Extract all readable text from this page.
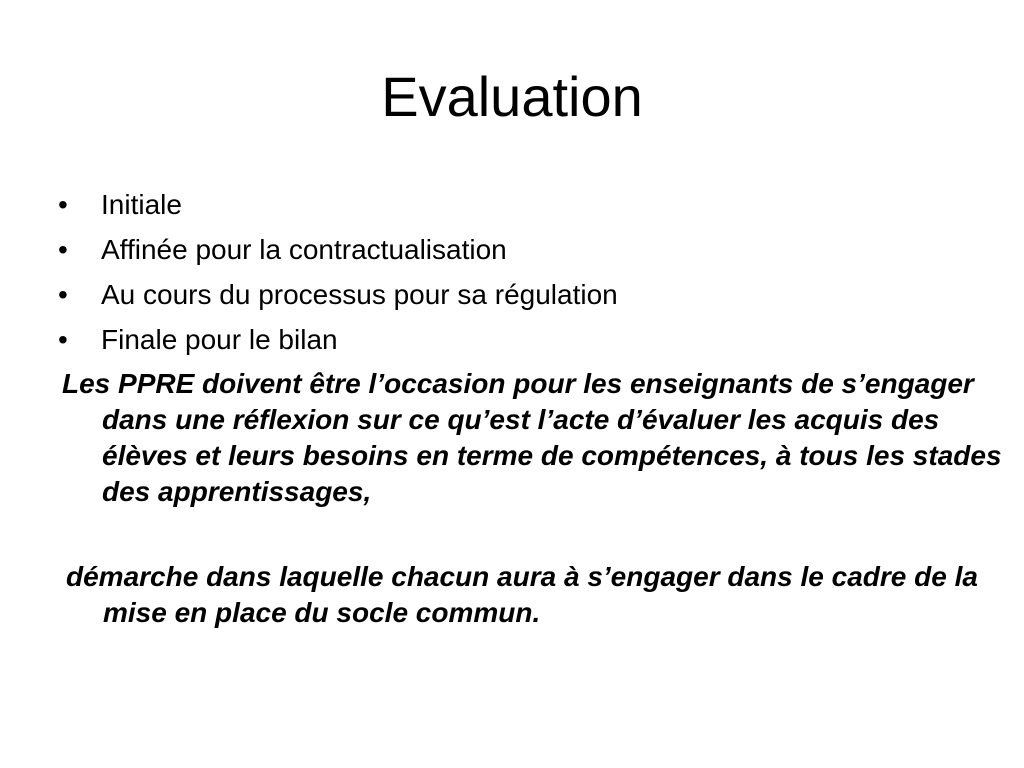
Evaluation
• Initiale
• Affinée pour la contractualisation
• Au cours du processus pour sa régulation
• Finale pour le bilan

Les PPRE doivent être l’occasion pour les enseignants de s’engager dans une réflexion sur ce qu’est l’acte d’évaluer les acquis des élèves et leurs besoins en terme de compétences, à tous les stades des apprentissages,

démarche dans laquelle chacun aura à s’engager dans le cadre de la mise en place du socle commun.
